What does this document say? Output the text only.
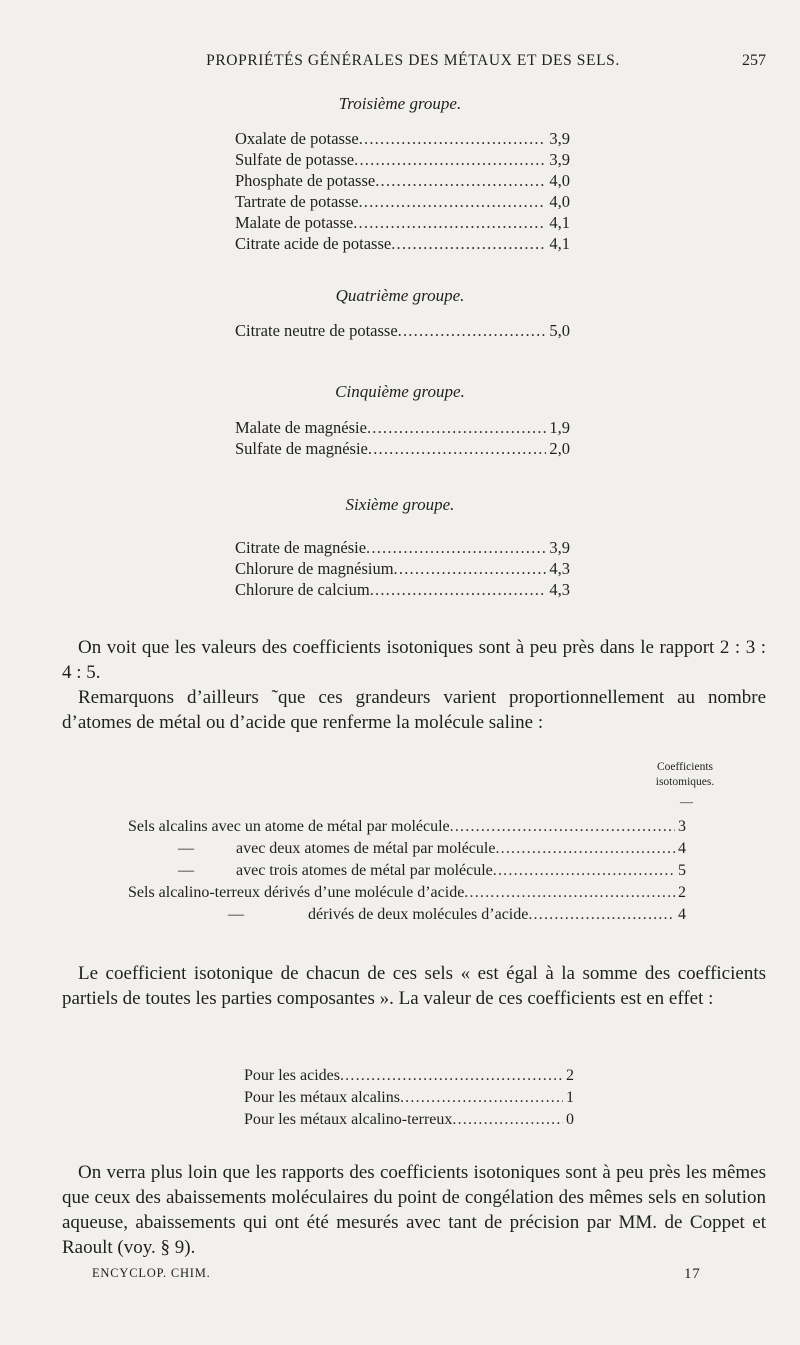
PROPRIÉTÉS GÉNÉRALES DES MÉTAUX ET DES SELS.	257
Troisième groupe.
Oxalate de potasse .....	3,9
Sulfate de potasse .....	3,9
Phosphate de potasse .....	4,0
Tartrate de potasse .....	4,0
Malate de potasse .....	4,1
Citrate acide de potasse .....	4,1
Quatrième groupe.
Citrate neutre de potasse .....	5,0
Cinquième groupe.
Malate de magnésie .....	1,9
Sulfate de magnésie .....	2,0
Sixième groupe.
Citrate de magnésie .....	3,9
Chlorure de magnésium .....	4,3
Chlorure de calcium .....	4,3
On voit que les valeurs des coefficients isotoniques sont à peu près dans le rapport 2 : 3 : 4 : 5.
Remarquons d’ailleurs ˜que ces grandeurs varient proportionnellement au nombre d’atomes de métal ou d’acide que renferme la molécule saline :
Coefficients
isotomiques.
—
Sels alcalins avec un atome de métal par molécule .....	3
—	avec deux atomes de métal par molécule .....	4
—	avec trois atomes de métal par molécule .....	5
Sels alcalino-terreux dérivés d’une molécule d’acide .....	2
—	dérivés de deux molécules d’acide .....	4
Le coefficient isotonique de chacun de ces sels « est égal à la somme des coefficients partiels de toutes les parties composantes ». La valeur de ces coefficients est en effet :
Pour les acides .....	2
Pour les métaux alcalins .....	1
Pour les métaux alcalino-terreux .....	0
On verra plus loin que les rapports des coefficients isotoniques sont à peu près les mêmes que ceux des abaissements moléculaires du point de congélation des mêmes sels en solution aqueuse, abaissements qui ont été mesurés avec tant de précision par MM. de Coppet et Raoult (voy. § 9).
ENCYCLOP. CHIM.	17
